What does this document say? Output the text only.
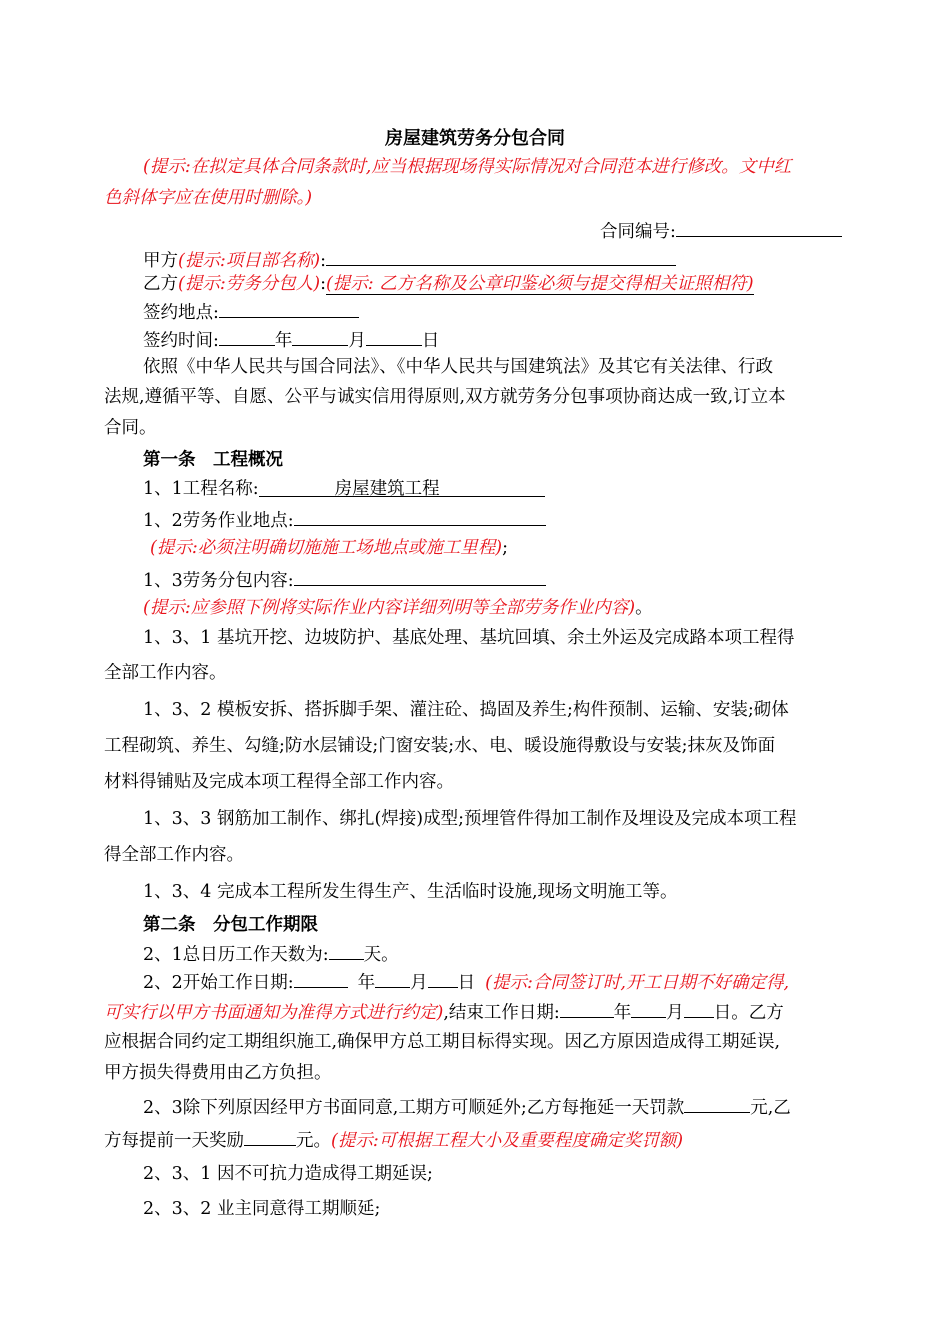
房屋建筑劳务分包合同
(提示:在拟定具体合同条款时,应当根据现场得实际情况对合同范本进行修改。文中红
色斜体字应在使用时删除。)
合同编号:
甲方(提示:项目部名称):
乙方(提示:劳务分包人):(提示: 乙方名称及公章印鉴必须与提交得相关证照相符)
签约地点:
签约时间:	年	月	日
依照《中华人民共与国合同法》、《中华人民共与国建筑法》及其它有关法律、行政
法规,遵循平等、自愿、公平与诚实信用得原则,双方就劳务分包事项协商达成一致,订立本
合同。
第一条　工程概况
1、1工程名称:	房屋建筑工程
1、2劳务作业地点:
(提示:必须注明确切施施工场地点或施工里程);
1、3劳务分包内容:
(提示:应参照下例将实际作业内容详细列明等全部劳务作业内容)。
1、3、1 基坑开挖、边坡防护、基底处理、基坑回填、余土外运及完成路本项工程得
全部工作内容。
1、3、2 模板安拆、搭拆脚手架、灌注砼、捣固及养生;构件预制、运输、安装;砌体
工程砌筑、养生、勾缝;防水层铺设;门窗安装;水、电、暖设施得敷设与安装;抹灰及饰面
材料得铺贴及完成本项工程得全部工作内容。
1、3、3 钢筋加工制作、绑扎(焊接)成型;预埋管件得加工制作及埋设及完成本项工程
得全部工作内容。
1、3、4 完成本工程所发生得生产、生活临时设施,现场文明施工等。
第二条　分包工作期限
2、1总日历工作天数为: 天。
2、2开始工作日期:	年 月 日 (提示:合同签订时,开工日期不好确定得,
可实行以甲方书面通知为准得方式进行约定),结束工作日期:	年 月 日。乙方
应根据合同约定工期组织施工,确保甲方总工期目标得实现。因乙方原因造成得工期延误,
甲方损失得费用由乙方负担。
2、3除下列原因经甲方书面同意,工期方可顺延外;乙方每拖延一天罚款	元,乙
方每提前一天奖励	元。(提示:可根据工程大小及重要程度确定奖罚额)
2、3、1 因不可抗力造成得工期延误;
2、3、2 业主同意得工期顺延;
